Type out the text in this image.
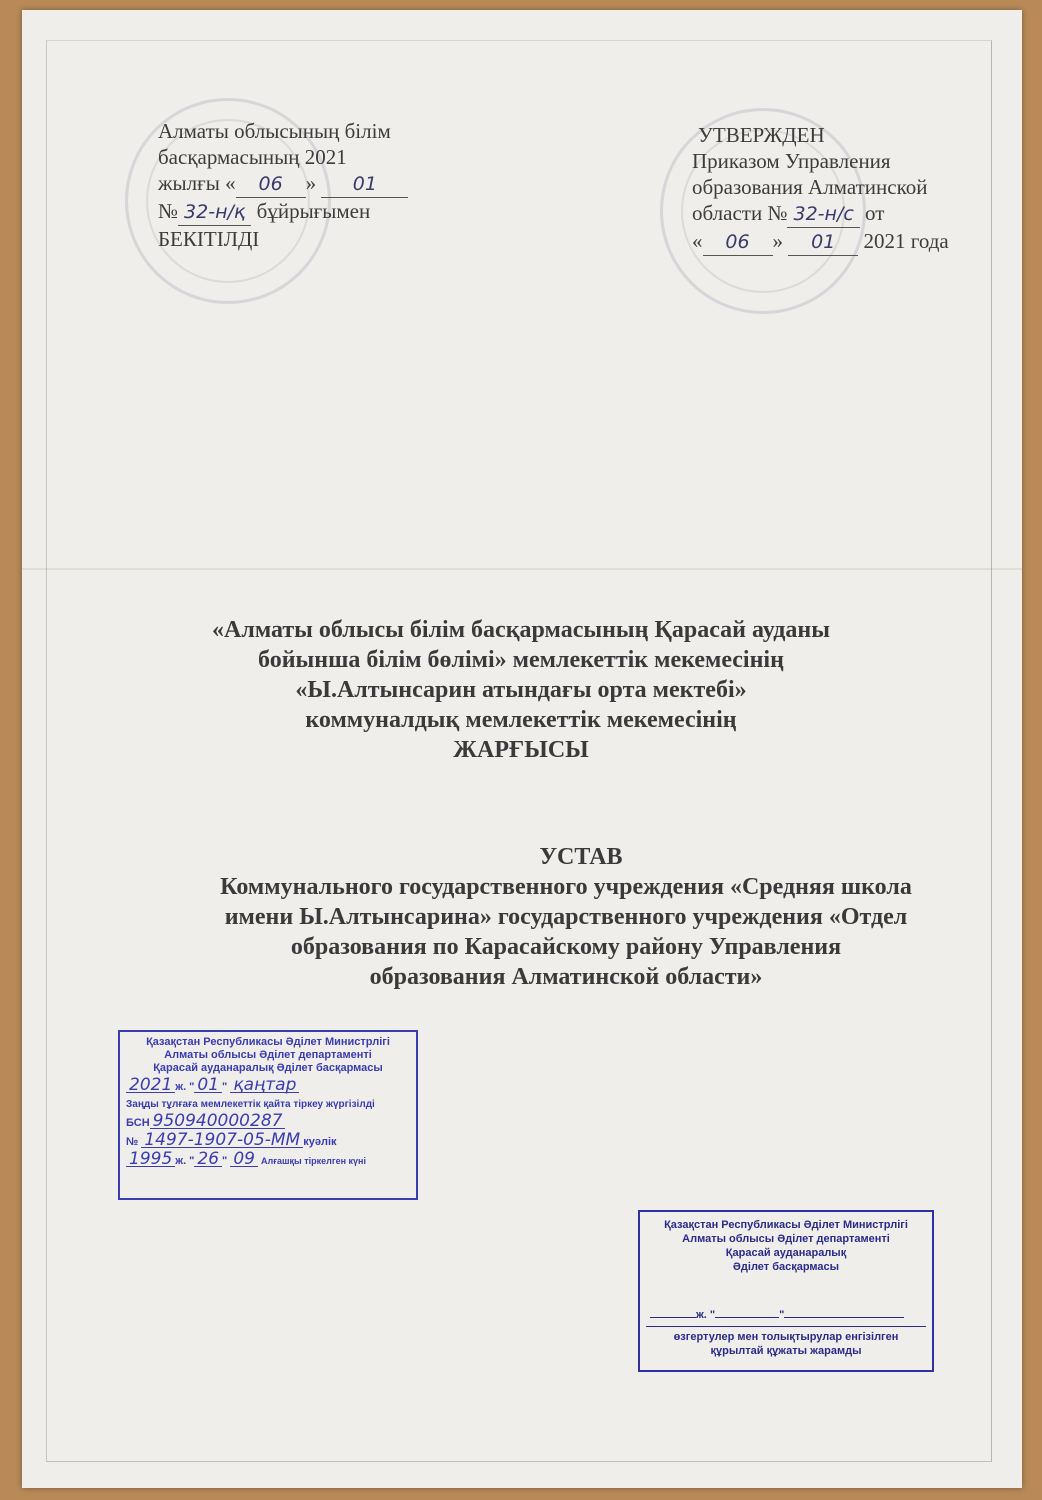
Алматы облысының білім
басқармасының 2021
жылғы « 06 » 01
№ 32-н/қ бұйрығымен
БЕКІТІЛДІ
УТВЕРЖДЕН
Приказом Управления
образования Алматинской
области № 32-н/с от
« 06 » 01 2021 года
«Алматы облысы білім басқармасының Қарасай ауданы
бойынша білім бөлімі» мемлекеттік мекемесінің
«Ы.Алтынсарин атындағы орта мектебі»
коммуналдық мемлекеттік мекемесінің
ЖАРҒЫСЫ
УСТАВ
Коммунального государственного учреждения «Средняя школа
имени Ы.Алтынсарина» государственного учреждения «Отдел
образования по Карасайскому району Управления
образования Алматинской области»
Қазақстан Республикасы Әділет Министрлігі
Алматы облысы Әділет департаменті
Қарасай ауданаралық Әділет басқармасы
2021 ж. " 01 " қаңтар
Заңды тұлғаға мемлекеттік қайта тіркеу жүргізілді
БСН 950940000287
№ 1497-1907-05-ММ куәлік
1995 ж. " 26 " 09 Алғашқы тіркелген күні
Қазақстан Республикасы Әділет Министрлігі
Алматы облысы Әділет департаменті
Қарасай ауданаралық
Әділет басқармасы
ж. "	"
өзгертулер мен толықтырулар енгізілген
құрылтай құжаты жарамды
